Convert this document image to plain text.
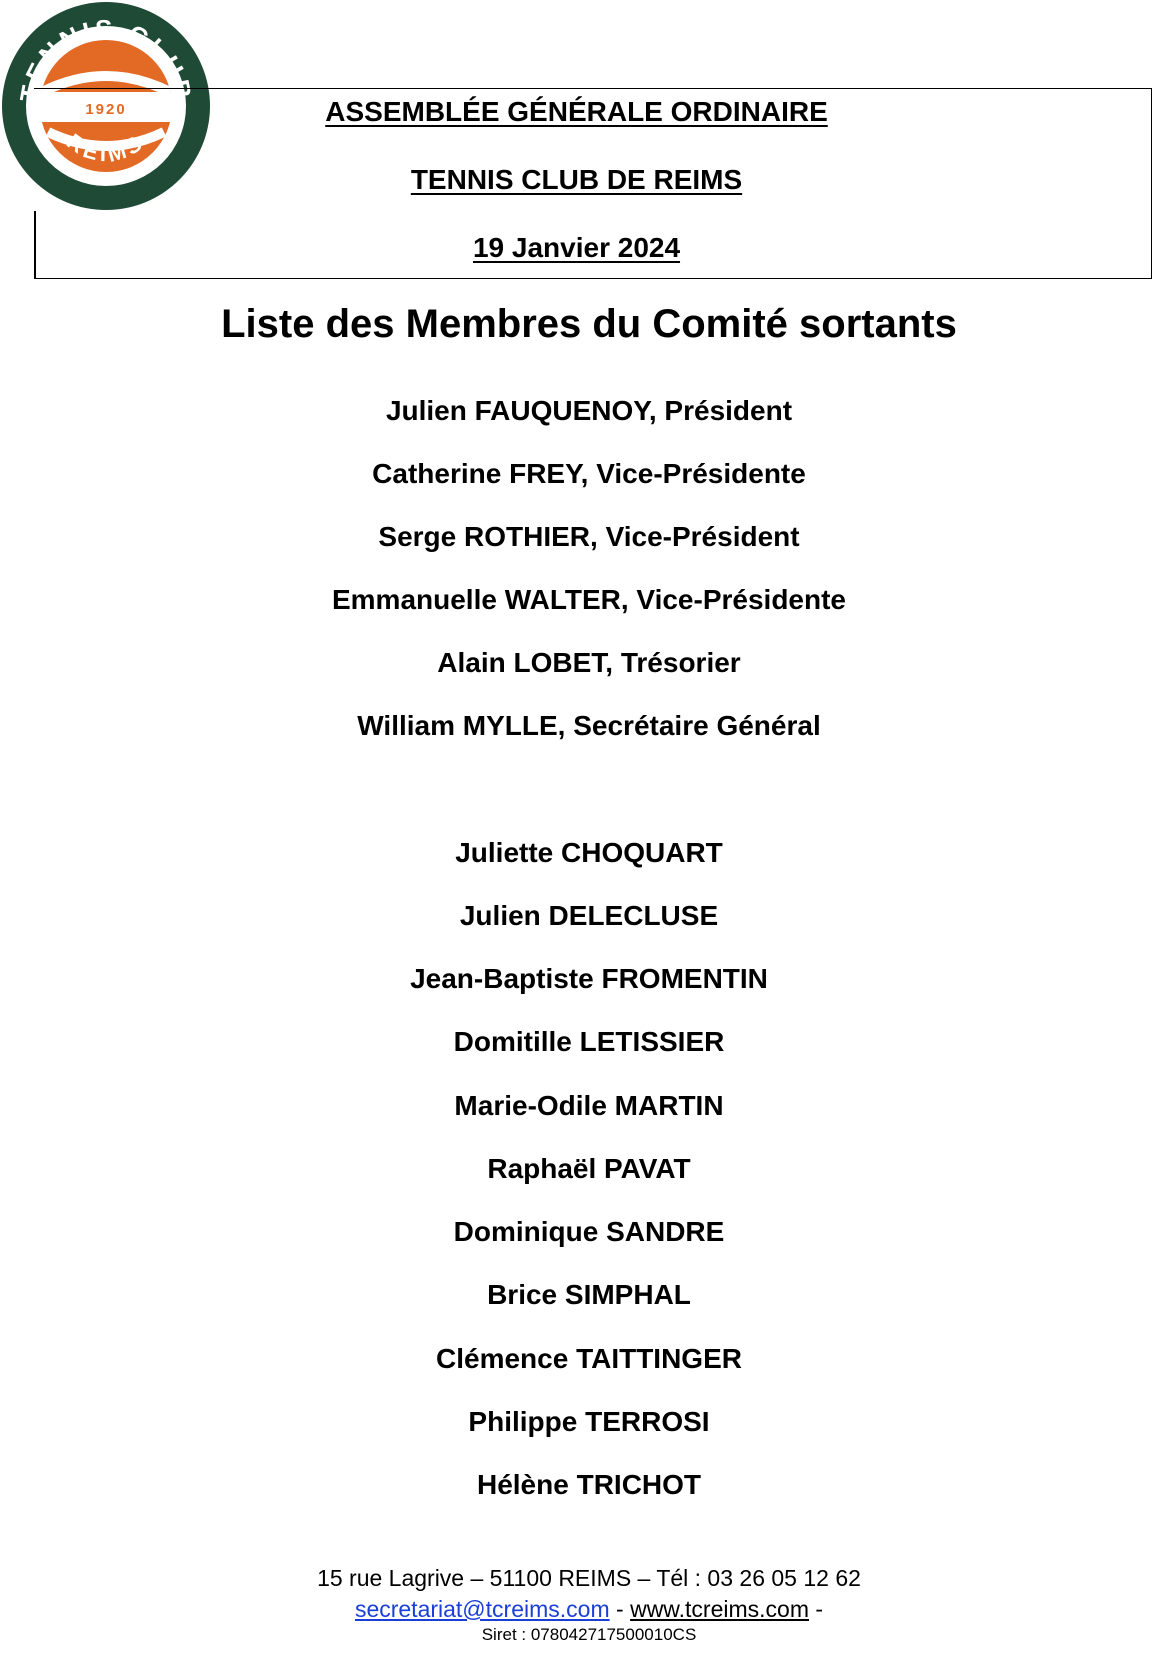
1920
TENNIS CLUB
REIMS
ASSEMBLÉE GÉNÉRALE ORDINAIRE
TENNIS CLUB DE REIMS
19 Janvier 2024
Liste des Membres du Comité sortants
Julien FAUQUENOY, Président
Catherine FREY, Vice-Présidente
Serge ROTHIER, Vice-Président
Emmanuelle WALTER, Vice-Présidente
Alain LOBET, Trésorier
William MYLLE, Secrétaire Général
Juliette CHOQUART
Julien DELECLUSE
Jean-Baptiste FROMENTIN
Domitille LETISSIER
Marie-Odile MARTIN
Raphaël PAVAT
Dominique SANDRE
Brice SIMPHAL
Clémence TAITTINGER
Philippe TERROSI
Hélène TRICHOT
15 rue Lagrive – 51100 REIMS – Tél : 03 26 05 12 62
secretariat@tcreims.com - www.tcreims.com -
Siret : 078042717500010CS
